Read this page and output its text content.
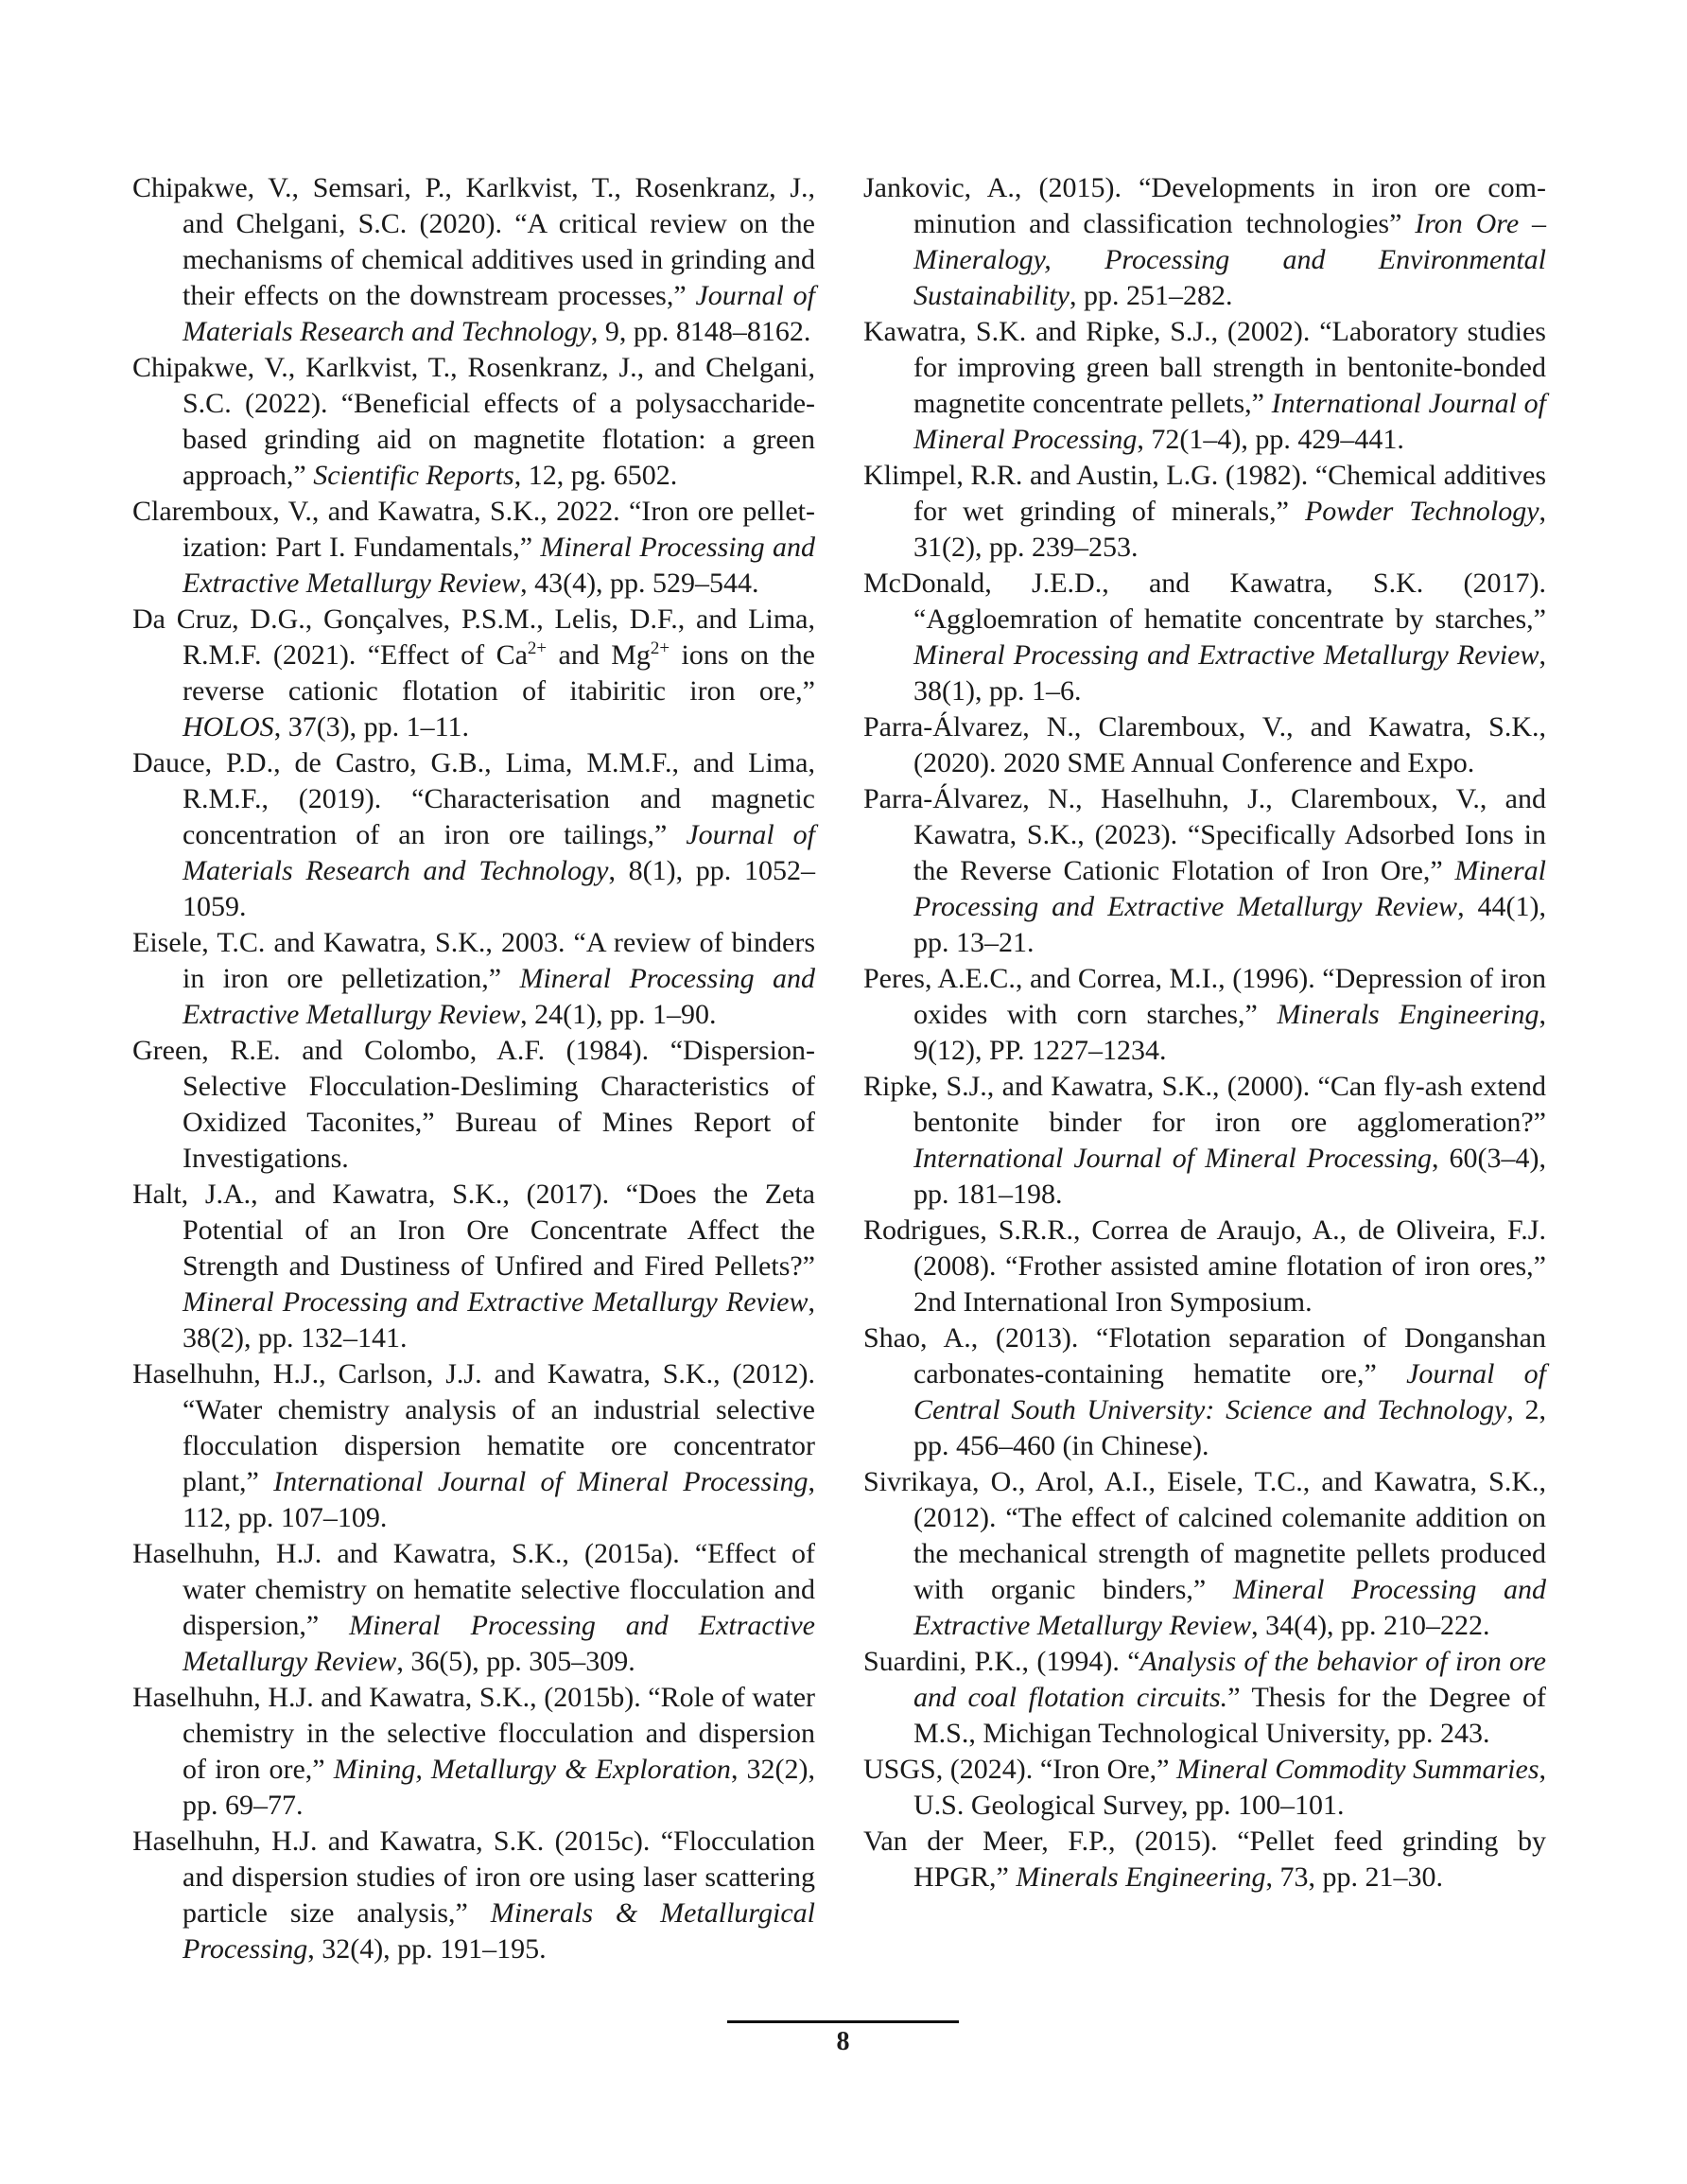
Chipakwe, V., Semsari, P., Karlkvist, T., Rosenkranz, J., and Chelgani, S.C. (2020). “A critical review on the mechanisms of chemical additives used in grinding and their effects on the downstream processes,” Journal of Materials Research and Technology, 9, pp. 8148–8162.

Chipakwe, V., Karlkvist, T., Rosenkranz, J., and Chelgani, S.C. (2022). “Beneficial effects of a polysaccharide-based grinding aid on magnetite flotation: a green approach,” Scientific Reports, 12, pg. 6502.

Claremboux, V., and Kawatra, S.K., 2022. “Iron ore pelletization: Part I. Fundamentals,” Mineral Processing and Extractive Metallurgy Review, 43(4), pp. 529–544.

Da Cruz, D.G., Gonçalves, P.S.M., Lelis, D.F., and Lima, R.M.F. (2021). “Effect of $Ca^{2+}$ and $Mg^{2+}$ ions on the reverse cationic flotation of itabiritic iron ore,” HOLOS, 37(3), pp. 1–11.

Dauce, P.D., de Castro, G.B., Lima, M.M.F., and Lima, R.M.F., (2019). “Characterisation and magnetic concentration of an iron ore tailings,” Journal of Materials Research and Technology, 8(1), pp. 1052–1059.

Eisele, T.C. and Kawatra, S.K., 2003. “A review of binders in iron ore pelletization,” Mineral Processing and Extractive Metallurgy Review, 24(1), pp. 1–90.

Green, R.E. and Colombo, A.F. (1984). “Dispersion-Selective Flocculation-Desliming Characteristics of Oxidized Taconites,” Bureau of Mines Report of Investigations.

Halt, J.A., and Kawatra, S.K., (2017). “Does the Zeta Potential of an Iron Ore Concentrate Affect the Strength and Dustiness of Unfired and Fired Pellets?” Mineral Processing and Extractive Metallurgy Review, 38(2), pp. 132–141.

Haselhuhn, H.J., Carlson, J.J. and Kawatra, S.K., (2012). “Water chemistry analysis of an industrial selective flocculation dispersion hematite ore concentrator plant,” International Journal of Mineral Processing, 112, pp. 107–109.

Haselhuhn, H.J. and Kawatra, S.K., (2015a). “Effect of water chemistry on hematite selective flocculation and dispersion,” Mineral Processing and Extractive Metallurgy Review, 36(5), pp. 305–309.

Haselhuhn, H.J. and Kawatra, S.K., (2015b). “Role of water chemistry in the selective flocculation and dispersion of iron ore,” Mining, Metallurgy & Exploration, 32(2), pp. 69–77.

Haselhuhn, H.J. and Kawatra, S.K. (2015c). “Flocculation and dispersion studies of iron ore using laser scattering particle size analysis,” Minerals & Metallurgical Processing, 32(4), pp. 191–195.

Jankovic, A., (2015). “Developments in iron ore comminution and classification technologies” Iron Ore – Mineralogy, Processing and Environmental Sustainability, pp. 251–282.

Kawatra, S.K. and Ripke, S.J., (2002). “Laboratory studies for improving green ball strength in bentonite-bonded magnetite concentrate pellets,” International Journal of Mineral Processing, 72(1–4), pp. 429–441.

Klimpel, R.R. and Austin, L.G. (1982). “Chemical additives for wet grinding of minerals,” Powder Technology, 31(2), pp. 239–253.

McDonald, J.E.D., and Kawatra, S.K. (2017). “Aggloemration of hematite concentrate by starches,” Mineral Processing and Extractive Metallurgy Review, 38(1), pp. 1–6.

Parra-Álvarez, N., Claremboux, V., and Kawatra, S.K., (2020). 2020 SME Annual Conference and Expo.

Parra-Álvarez, N., Haselhuhn, J., Claremboux, V., and Kawatra, S.K., (2023). “Specifically Adsorbed Ions in the Reverse Cationic Flotation of Iron Ore,” Mineral Processing and Extractive Metallurgy Review, 44(1), pp. 13–21.

Peres, A.E.C., and Correa, M.I., (1996). “Depression of iron oxides with corn starches,” Minerals Engineering, 9(12), PP. 1227–1234.

Ripke, S.J., and Kawatra, S.K., (2000). “Can fly-ash extend bentonite binder for iron ore agglomeration?” International Journal of Mineral Processing, 60(3–4), pp. 181–198.

Rodrigues, S.R.R., Correa de Araujo, A., de Oliveira, F.J. (2008). “Frother assisted amine flotation of iron ores,” 2nd International Iron Symposium.

Shao, A., (2013). “Flotation separation of Donganshan carbonates-containing hematite ore,” Journal of Central South University: Science and Technology, 2, pp. 456–460 (in Chinese).

Sivrikaya, O., Arol, A.I., Eisele, T.C., and Kawatra, S.K., (2012). “The effect of calcined colemanite addition on the mechanical strength of magnetite pellets produced with organic binders,” Mineral Processing and Extractive Metallurgy Review, 34(4), pp. 210–222.

Suardini, P.K., (1994). “Analysis of the behavior of iron ore and coal flotation circuits.” Thesis for the Degree of M.S., Michigan Technological University, pp. 243.

USGS, (2024). “Iron Ore,” Mineral Commodity Summaries, U.S. Geological Survey, pp. 100–101.

Van der Meer, F.P., (2015). “Pellet feed grinding by HPGR,” Minerals Engineering, 73, pp. 21–30.

8
